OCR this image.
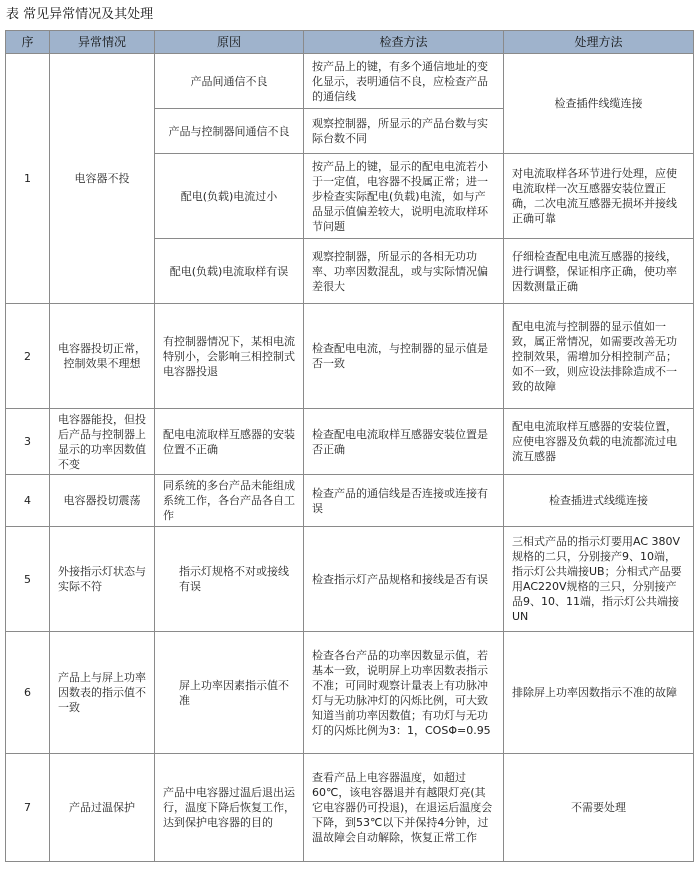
表 常见异常情况及其处理
序	异常情况	原因	检查方法	处理方法
1	电容器不投	产品间通信不良	按产品上的键，有多个通信地址的变化显示，表明通信不良，应检查产品的通信线	检查插件线缆连接
		产品与控制器间通信不良	观察控制器，所显示的产品台数与实际台数不同	
		配电(负载)电流过小	按产品上的键，显示的配电电流若小于一定值，电容器不投属正常；进一步检查实际配电(负载)电流，如与产品显示值偏差较大，说明电流取样环节问题	对电流取样各环节进行处理，应使电流取样一次互感器安装位置正确，二次电流互感器无损坏并接线正确可靠
		配电(负载)电流取样有误	观察控制器，所显示的各相无功功率、功率因数混乱，或与实际情况偏差很大	仔细检查配电电流互感器的接线，进行调整，保证相序正确，使功率因数测量正确
2	电容器投切正常，控制效果不理想	有控制器情况下，某相电流特别小，会影响三相控制式电容器投退	检查配电电流，与控制器的显示值是否一致	配电电流与控制器的显示值如一致，属正常情况，如需要改善无功控制效果，需增加分相控制产品；如不一致，则应设法排除造成不一致的故障
3	电容器能投，但投后产品与控制器上显示的功率因数值不变	配电电流取样互感器的安装位置不正确	检查配电电流取样互感器安装位置是否正确	配电电流取样互感器的安装位置，应使电容器及负载的电流都流过电流互感器
4	电容器投切震荡	同系统的多台产品未能组成系统工作，各台产品各自工作	检查产品的通信线是否连接或连接有误	检查插进式线缆连接
5	外接指示灯状态与实际不符	指示灯规格不对或接线有误	检查指示灯产品规格和接线是否有误	三相式产品的指示灯要用AC 380V规格的二只，分别接产9、10端，指示灯公共端接UB；分相式产品要用AC220V规格的三只，分别接产品9、10、11端，指示灯公共端接UN
6	产品上与屏上功率因数表的指示值不一致	屏上功率因素指示值不准	检查各台产品的功率因数显示值，若基本一致，说明屏上功率因数表指示不准；可同时观察计量表上有功脉冲灯与无功脉冲灯的闪烁比例，可大致知道当前功率因数值；有功灯与无功灯的闪烁比例为3：1，COSΦ=0.95	排除屏上功率因数指示不准的故障
7	产品过温保护	产品中电容器过温后退出运行，温度下降后恢复工作，达到保护电容器的目的	查看产品上电容器温度，如超过60℃，该电容器退并有越限灯亮(其它电容器仍可投退)，在退运后温度会下降，到53℃以下并保持4分钟，过温故障会自动解除，恢复正常工作	不需要处理
